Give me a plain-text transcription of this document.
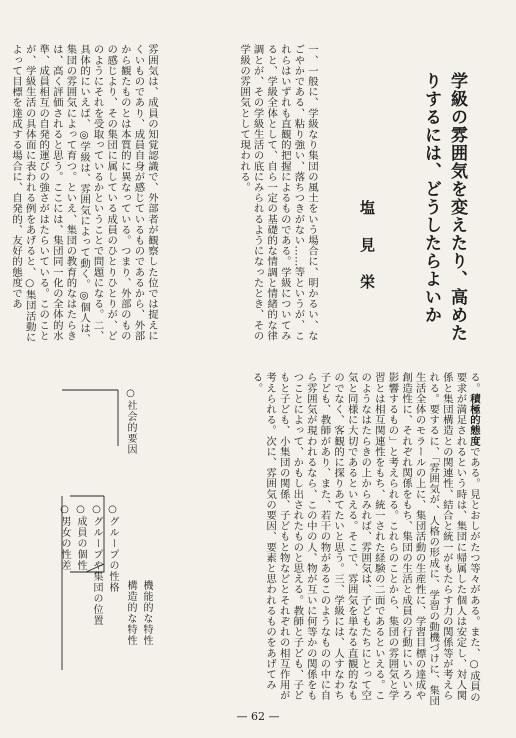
学級の雰囲気を変えたり、高めたりするには、どうしたらよいか
塩見栄
一、一般に、学級なり集団の風土をいう場合に、明かるい、なごやかである、粘り強い、落ちつきがない……等というが、これらはいずれも直観的把握によるものである。学級についてみると、学級全体として、自ら一定の基礎的な情調と情緒的な律調とが、その学級生活の底にみられるようになったとき、その学級の雰囲気として現われる。
雰囲気は、成員の知覚認識で、外部者が観察した位では捉えにくいものであり、成員自身が感じているものであるから、外部から観たものとは本質的に異なっている。つまり、外部のものの感じより、その集団に属している成員のひとりひとりが、どのようにそれを受取っているかということで問題になる。二、具体的にいえば、◎学級は、雰囲気によって動く。◎個人は、集団の雰囲気によって育つ。といえ、集団の教育的なはたらきは、高く評価されると思う。ここには、集団同一化の全体的水準、成員相互の自発的運びの強さがはたらいている。このことが、学級生活の具体面に表われる例をあげると、○集団活動によって目標を達成する場合に、自発的、友好的態度であ
る。積極的態度である。見とおしがたつ等々がある。また、○成員の要求が満足されるという時は、集団に帰属した個人は安定し、対人関係と集団構造との関連性、結合と統一がもたらす力の関係等が考えられる。要するに、「雰囲気が、人格の形成に、学習の動機づけに、集団生活全体のモラールの上に、集団活動の生産性に、学習目標の達成や創造性に、それぞれ関係をもち、集団の生活と成員の行動にいろいろ影響するもの」と考えられる。これらのことから、集団の雰囲気と学習とは相互関連性をもち、統一された経験の二面であるといえる。このようなはたらきの上からみれば、雰囲気は、子どもたちにとって空気と同様に大切であるといえる。そこで、雰囲気を単なる直観的なものでなく、客観的に探りあてたいと思う。三、学級には、人すなわち子ども、教師があり、また、若干の物があるこのようなものの中に自ら雰囲気が現われるなら、この中の人、物が互いに何等かの関係をもつことによって、かもし出されたものと思える。教師と子ども、子どもと子ども、小集団の関係、子どもと物などとそれぞれの相互作用が考えられる。次に、雰囲気の要因、要素と思われるものをあげてみる。
○社会的要因
○グループの性格
○グループや集団の位置
○成員の個性
○男女の性差
構造的な特性 機能的な特性
— 62 —
